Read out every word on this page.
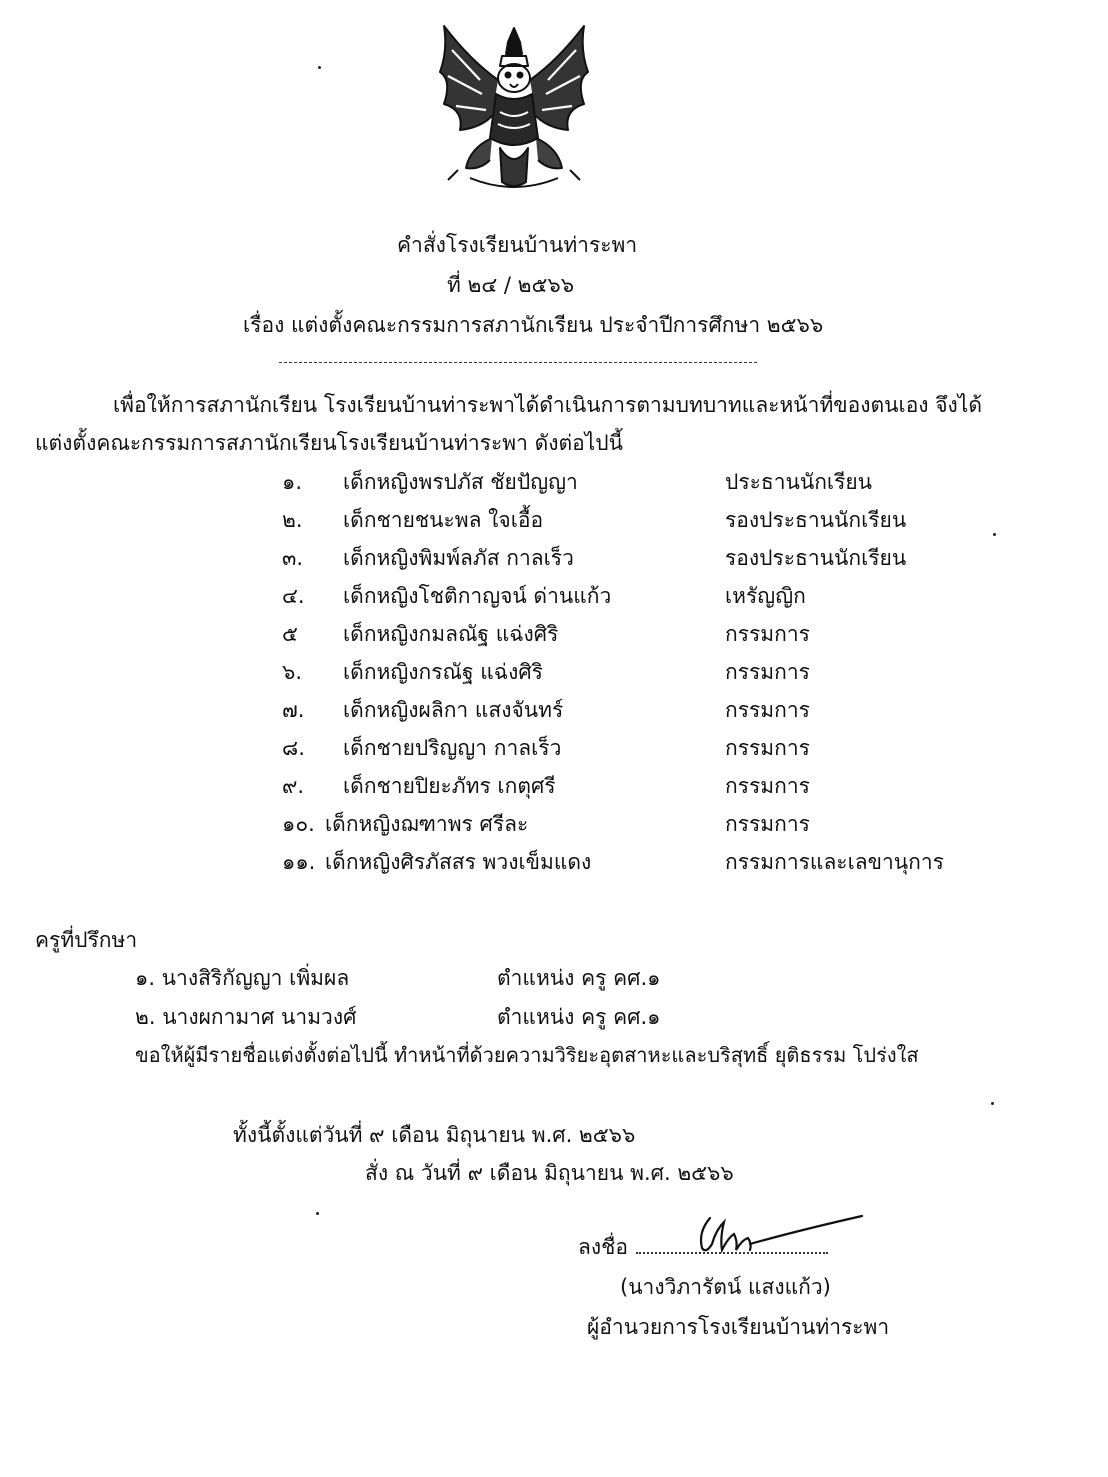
คำสั่งโรงเรียนบ้านท่าระพา
ที่ ๒๔ / ๒๕๖๖
เรื่อง แต่งตั้งคณะกรรมการสภานักเรียน ประจำปีการศึกษา ๒๕๖๖
เพื่อให้การสภานักเรียน โรงเรียนบ้านท่าระพาได้ดำเนินการตามบทบาทและหน้าที่ของตนเอง จึงได้
แต่งตั้งคณะกรรมการสภานักเรียนโรงเรียนบ้านท่าระพา ดังต่อไปนี้
๑. เด็กหญิงพรปภัส ชัยปัญญา	ประธานนักเรียน
๒. เด็กชายชนะพล ใจเอื้อ	รองประธานนักเรียน
๓. เด็กหญิงพิมพ์ลภัส กาลเร็ว	รองประธานนักเรียน
๔. เด็กหญิงโชติกาญจน์ ด่านแก้ว	เหรัญญิก
๕ เด็กหญิงกมลณัฐ แฉ่งศิริ	กรรมการ
๖. เด็กหญิงกรณัฐ แฉ่งศิริ	กรรมการ
๗. เด็กหญิงผลิกา แสงจันทร์	กรรมการ
๘. เด็กชายปริญญา กาลเร็ว	กรรมการ
๙. เด็กชายปิยะภัทร เกตุศรี	กรรมการ
๑๐. เด็กหญิงฌฑาพร ศรีละ	กรรมการ
๑๑. เด็กหญิงศิรภัสสร พวงเข็มแดง	กรรมการและเลขานุการ
ครูที่ปรึกษา
๑. นางสิริกัญญา เพิ่มผล	ตำแหน่ง ครู คศ.๑
๒. นางผกามาศ นามวงศ์	ตำแหน่ง ครู คศ.๑
ขอให้ผู้มีรายชื่อแต่งตั้งต่อไปนี้ ทำหน้าที่ด้วยความวิริยะอุตสาหะและบริสุทธิ์ ยุติธรรม โปร่งใส
ทั้งนี้ตั้งแต่วันที่ ๙ เดือน มิถุนายน พ.ศ. ๒๕๖๖
สั่ง ณ วันที่ ๙ เดือน มิถุนายน พ.ศ. ๒๕๖๖
ลงชื่อ
(นางวิภารัตน์ แสงแก้ว)
ผู้อำนวยการโรงเรียนบ้านท่าระพา
